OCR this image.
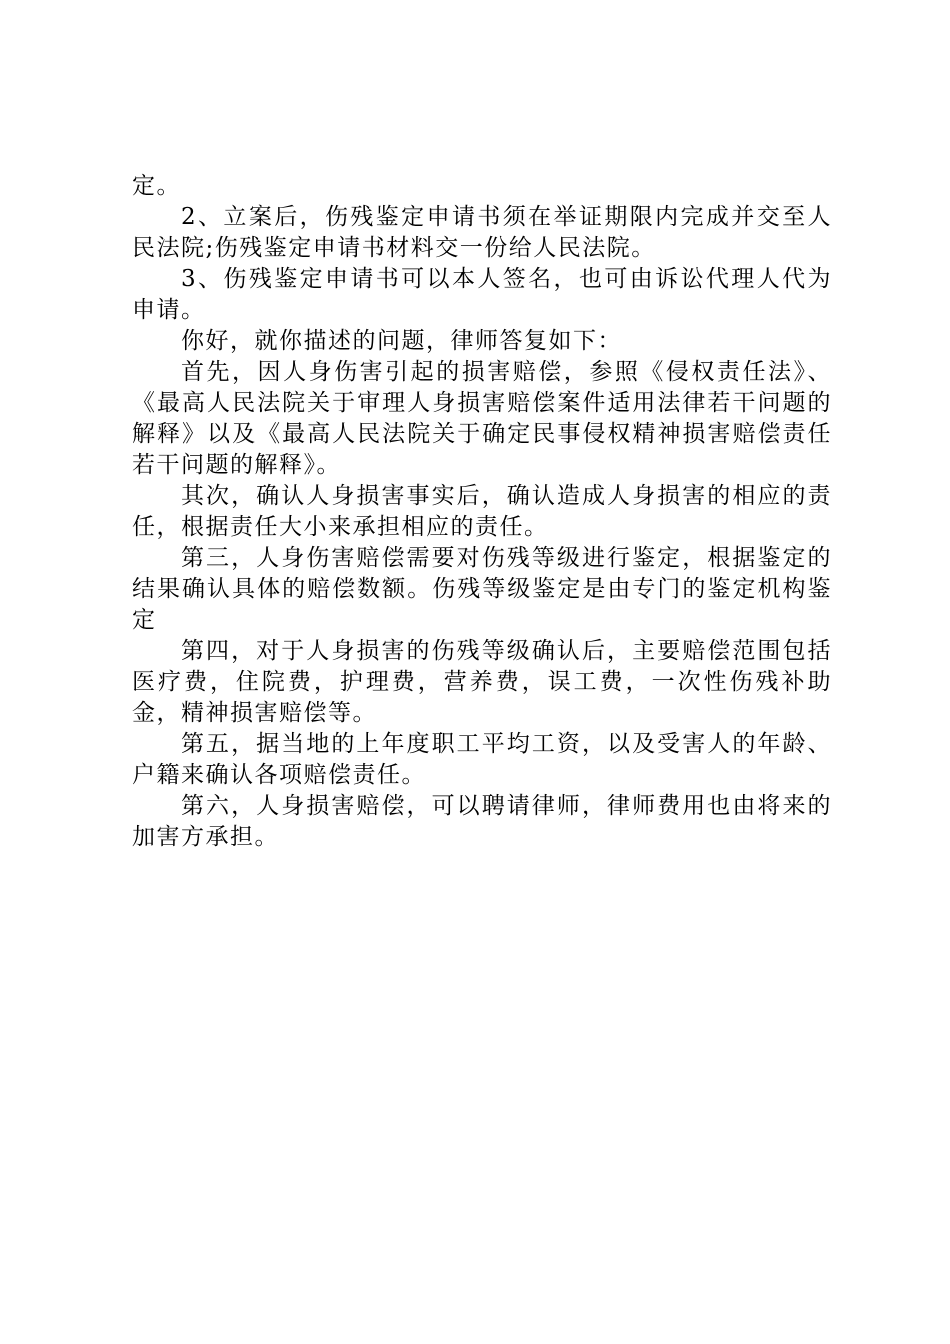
定。

2、立案后，伤残鉴定申请书须在举证期限内完成并交至人民法院;伤残鉴定申请书材料交一份给人民法院。

3、伤残鉴定申请书可以本人签名，也可由诉讼代理人代为申请。

你好，就你描述的问题，律师答复如下：

首先，因人身伤害引起的损害赔偿，参照《侵权责任法》、《最高人民法院关于审理人身损害赔偿案件适用法律若干问题的解释》以及《最高人民法院关于确定民事侵权精神损害赔偿责任若干问题的解释》。

其次，确认人身损害事实后，确认造成人身损害的相应的责任，根据责任大小来承担相应的责任。

第三，人身伤害赔偿需要对伤残等级进行鉴定，根据鉴定的结果确认具体的赔偿数额。伤残等级鉴定是由专门的鉴定机构鉴定

第四，对于人身损害的伤残等级确认后，主要赔偿范围包括医疗费，住院费，护理费，营养费，误工费，一次性伤残补助金，精神损害赔偿等。

第五，据当地的上年度职工平均工资，以及受害人的年龄、户籍来确认各项赔偿责任。

第六，人身损害赔偿，可以聘请律师，律师费用也由将来的加害方承担。
